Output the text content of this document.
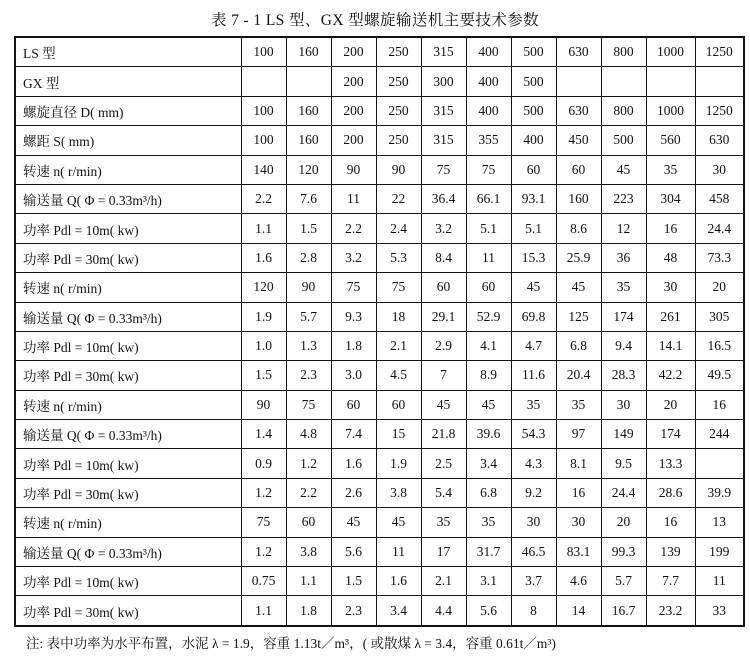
表 7 - 1 LS 型、GX 型螺旋输送机主要技术参数
LS 型	100	160	200	250	315	400	500	630	800	1000	1250
GX 型			200	250	300	400	500				
螺旋直径 D( mm)	100	160	200	250	315	400	500	630	800	1000	1250
螺距 S( mm)	100	160	200	250	315	355	400	450	500	560	630
转速 n( r/min)	140	120	90	90	75	75	60	60	45	35	30
输送量 Q( Φ = 0.33m³/h)	2.2	7.6	11	22	36.4	66.1	93.1	160	223	304	458
功率 Pdl = 10m( kw)	1.1	1.5	2.2	2.4	3.2	5.1	5.1	8.6	12	16	24.4
功率 Pdl = 30m( kw)	1.6	2.8	3.2	5.3	8.4	11	15.3	25.9	36	48	73.3
转速 n( r/min)	120	90	75	75	60	60	45	45	35	30	20
输送量 Q( Φ = 0.33m³/h)	1.9	5.7	9.3	18	29.1	52.9	69.8	125	174	261	305
功率 Pdl = 10m( kw)	1.0	1.3	1.8	2.1	2.9	4.1	4.7	6.8	9.4	14.1	16.5
功率 Pdl = 30m( kw)	1.5	2.3	3.0	4.5	7	8.9	11.6	20.4	28.3	42.2	49.5
转速 n( r/min)	90	75	60	60	45	45	35	35	30	20	16
输送量 Q( Φ = 0.33m³/h)	1.4	4.8	7.4	15	21.8	39.6	54.3	97	149	174	244
功率 Pdl = 10m( kw)	0.9	1.2	1.6	1.9	2.5	3.4	4.3	8.1	9.5	13.3	
功率 Pdl = 30m( kw)	1.2	2.2	2.6	3.8	5.4	6.8	9.2	16	24.4	28.6	39.9
转速 n( r/min)	75	60	45	45	35	35	30	30	20	16	13
输送量 Q( Φ = 0.33m³/h)	1.2	3.8	5.6	11	17	31.7	46.5	83.1	99.3	139	199
功率 Pdl = 10m( kw)	0.75	1.1	1.5	1.6	2.1	3.1	3.7	4.6	5.7	7.7	11
功率 Pdl = 30m( kw)	1.1	1.8	2.3	3.4	4.4	5.6	8	14	16.7	23.2	33
注: 表中功率为水平布置，水泥 λ = 1.9，容重 1.13t／m³，( 或散煤 λ = 3.4，容重 0.61t／m³)
